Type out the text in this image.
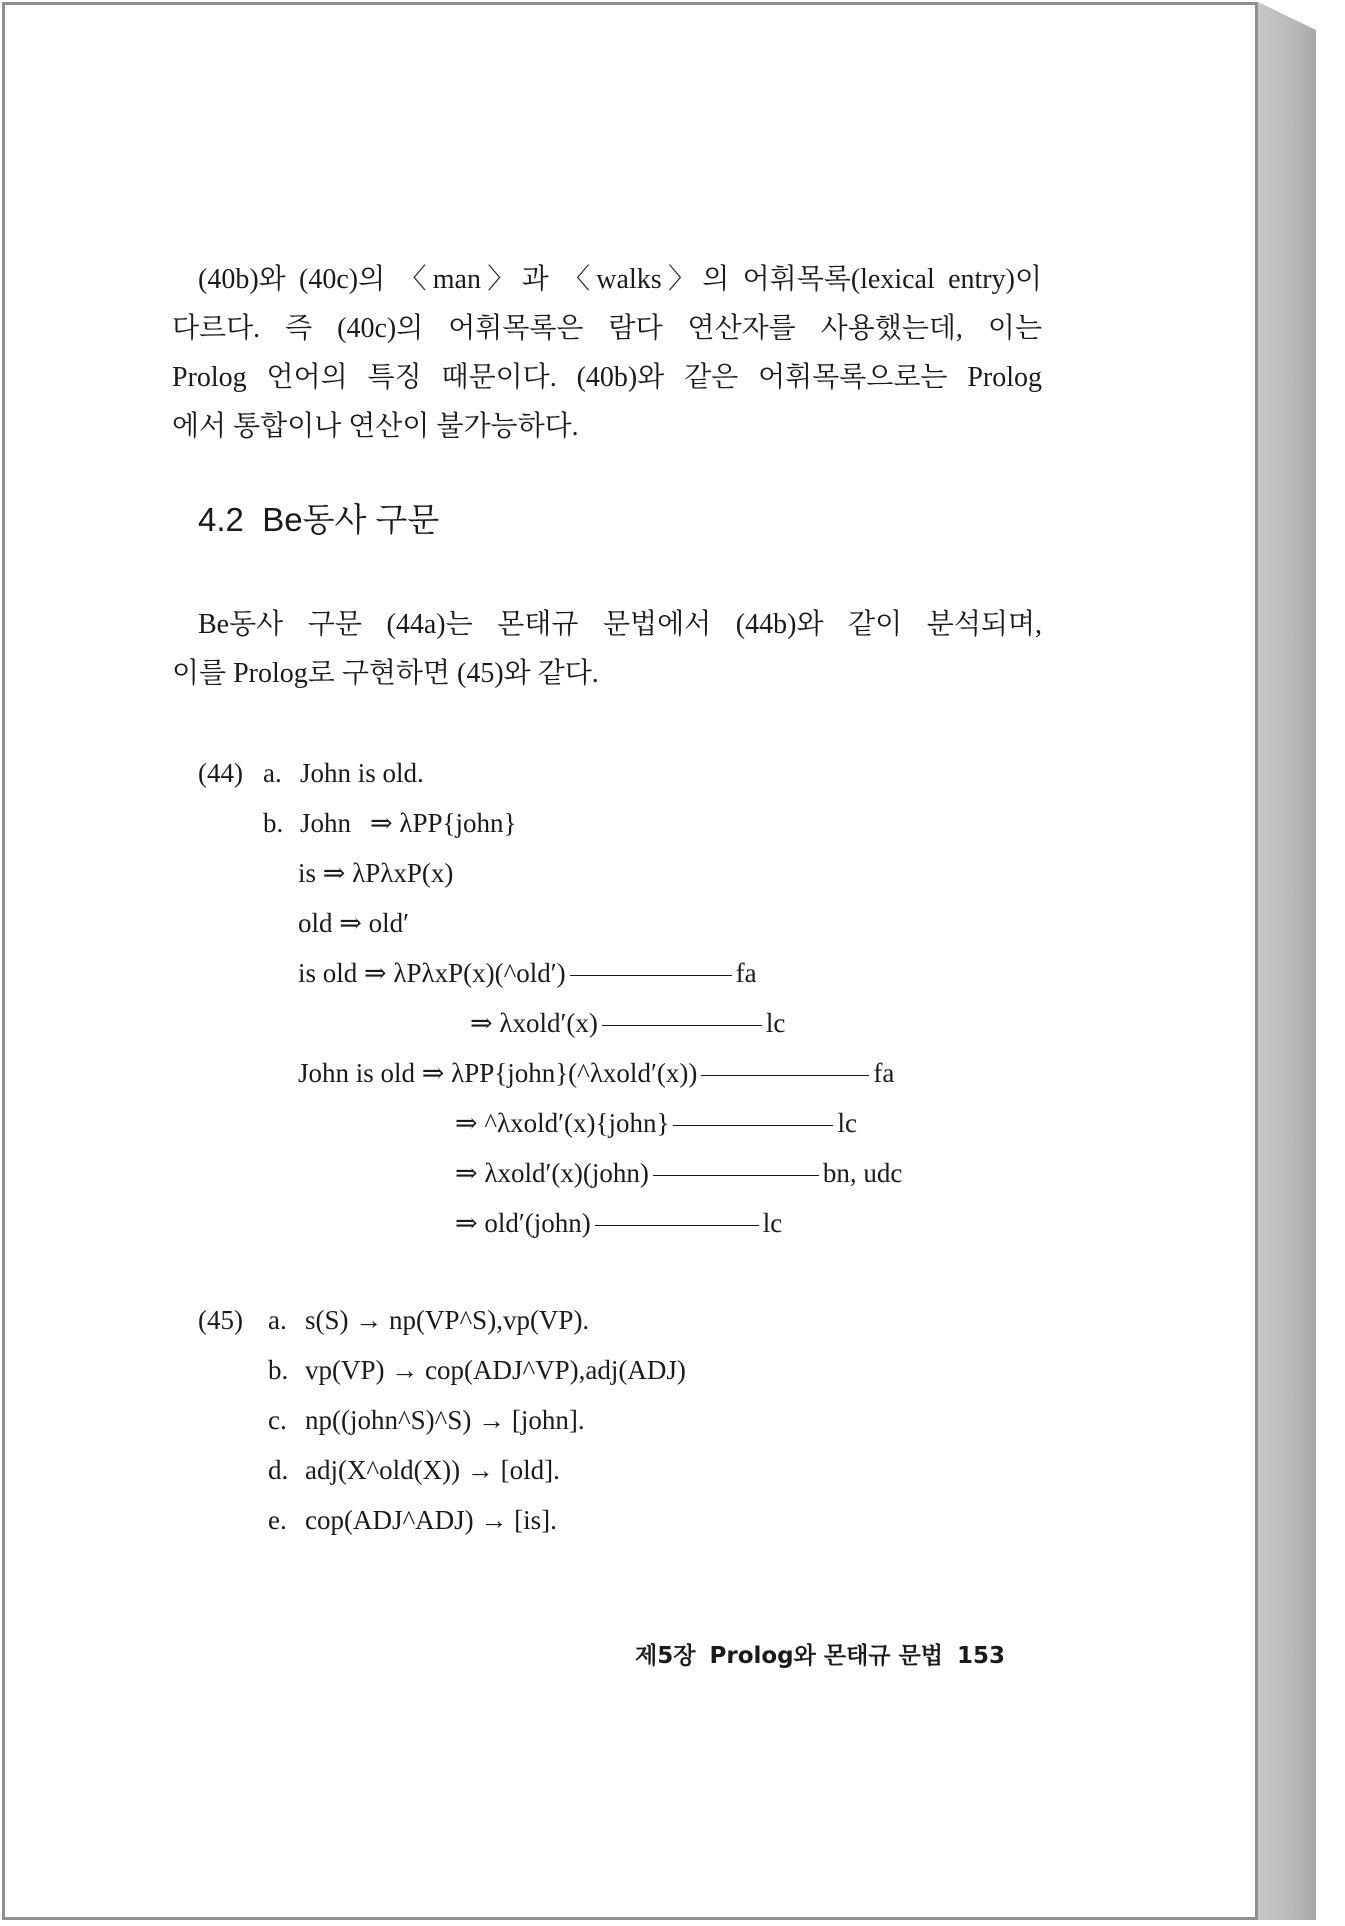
(40b)와 (40c)의 〈man〉과 〈walks〉의 어휘목록(lexical entry)이
다르다. 즉 (40c)의 어휘목록은 람다 연산자를 사용했는데, 이는
Prolog 언어의 특징 때문이다. (40b)와 같은 어휘목록으로는 Prolog
에서 통합이나 연산이 불가능하다.
4.2 Be동사 구문
Be동사 구문 (44a)는 몬태규 문법에서 (44b)와 같이 분석되며,
이를 Prolog로 구현하면 (45)와 같다.
(44) a. John is old.
b. John ⇒ λPP{john}
is ⇒ λPλxP(x)
old ⇒ old′
is old ⇒ λPλxP(x)(^old′)	fa
⇒ λxold′(x)	lc
John is old ⇒ λPP{john}(^λxold′(x))	fa
⇒ ^λxold′(x){john}	lc
⇒ λxold′(x)(john)	bn, udc
⇒ old′(john)	lc
(45) a. s(S) → np(VP^S),vp(VP).
b. vp(VP) → cop(ADJ^VP),adj(ADJ)
c. np((john^S)^S) → [john].
d. adj(X^old(X)) → [old].
e. cop(ADJ^ADJ) → [is].
제5장 Prolog와 몬태규 문법 153
